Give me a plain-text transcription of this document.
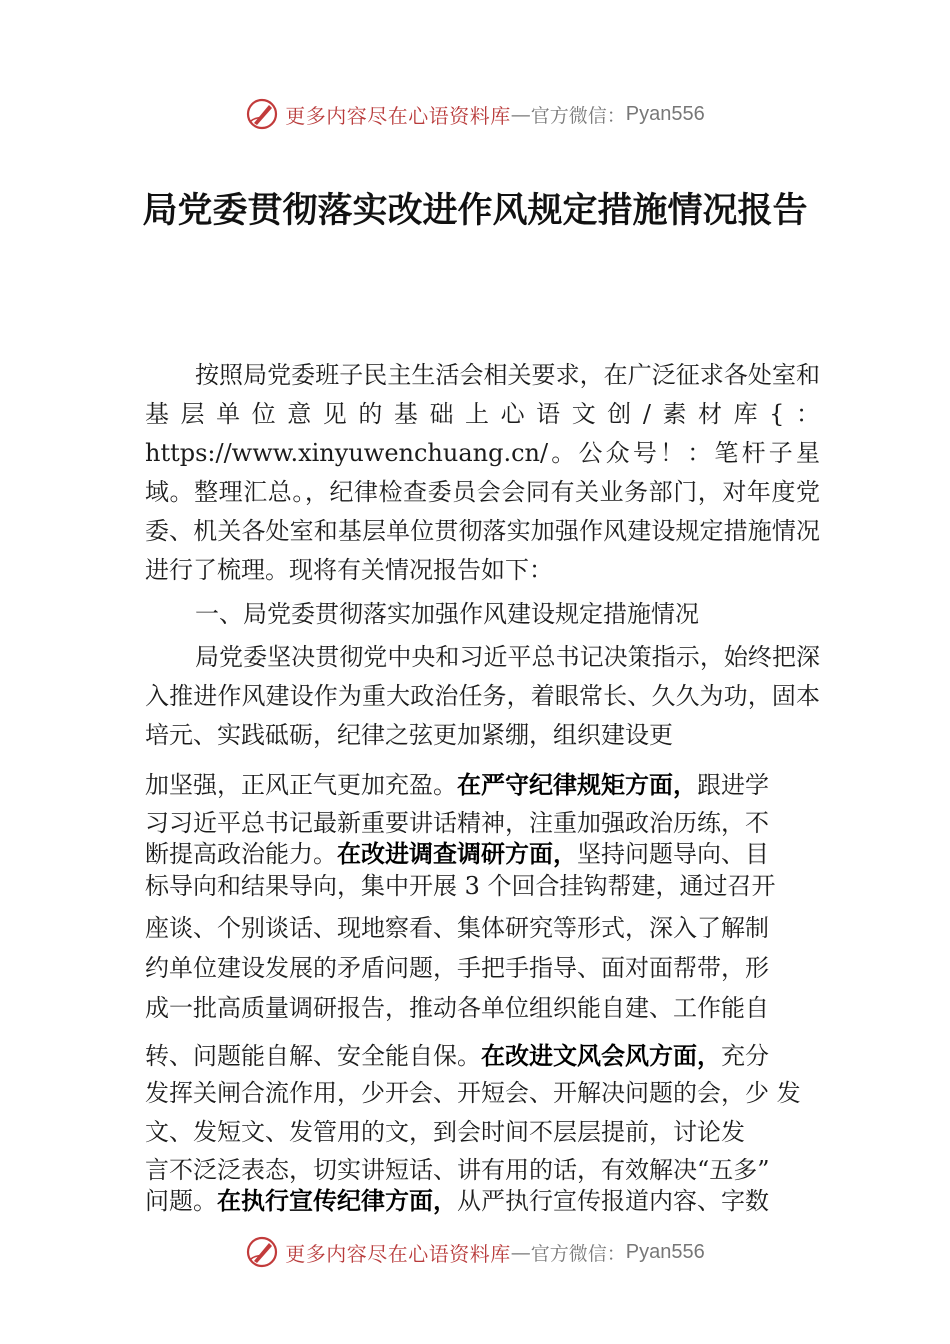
更多内容尽在心语资料库 — 官方微信： Pyan556
局党委贯彻落实改进作风规定措施情况报告
按照局党委班子民主生活会相关要求，在广泛征求各处室和基层单位意见的基础上心语文创/素材库{：https://www.xinyuwenchuang.cn/。公众号！：笔杆子星域。整理汇总。，纪律检查委员会会同有关业务部门，对年度党委、机关各处室和基层单位贯彻落实加强作风建设规定措施情况进行了梳理。现将有关情况报告如下：
一、局党委贯彻落实加强作风建设规定措施情况
局党委坚决贯彻党中央和习近平总书记决策指示，始终把深入推进作风建设作为重大政治任务，着眼常长、久久为功，固本培元、实践砥砺，纪律之弦更加紧绷，组织建设更
加坚强，正风正气更加充盈。在严守纪律规矩方面，跟进学
习习近平总书记最新重要讲话精神，注重加强政治历练，不
断提高政治能力。在改进调查调研方面，坚持问题导向、目
标导向和结果导向，集中开展 3 个回合挂钩帮建，通过召开
座谈、个别谈话、现地察看、集体研究等形式，深入了解制
约单位建设发展的矛盾问题，手把手指导、面对面帮带，形
成一批高质量调研报告，推动各单位组织能自建、工作能自
转、问题能自解、安全能自保。在改进文风会风方面，充分
发挥关闸合流作用，少开会、开短会、开解决问题的会，少 发
文、发短文、发管用的文，到会时间不层层提前，讨论发
言不泛泛表态，切实讲短话、讲有用的话，有效解决“五多”
问题。在执行宣传纪律方面，从严执行宣传报道内容、字数
更多内容尽在心语资料库 — 官方微信： Pyan556
